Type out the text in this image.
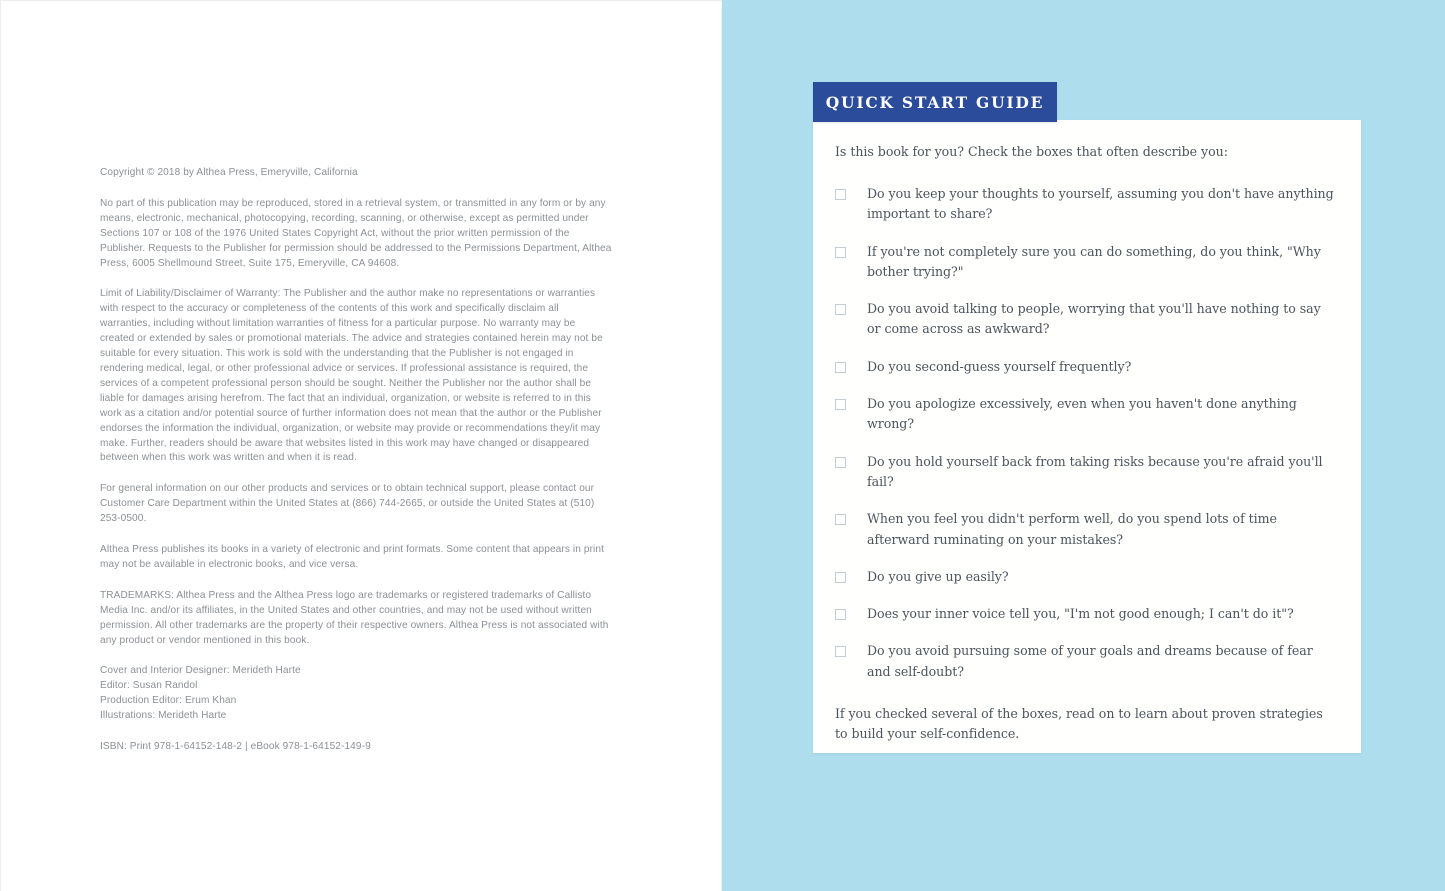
Copyright © 2018 by Althea Press, Emeryville, California

No part of this publication may be reproduced, stored in a retrieval system, or transmitted in any form or by any means, electronic, mechanical, photocopying, recording, scanning, or otherwise, except as permitted under Sections 107 or 108 of the 1976 United States Copyright Act, without the prior written permission of the Publisher. Requests to the Publisher for permission should be addressed to the Permissions Department, Althea Press, 6005 Shellmound Street, Suite 175, Emeryville, CA 94608.

Limit of Liability/Disclaimer of Warranty: The Publisher and the author make no representations or warranties with respect to the accuracy or completeness of the contents of this work and specifically disclaim all warranties, including without limitation warranties of fitness for a particular purpose. No warranty may be created or extended by sales or promotional materials. The advice and strategies contained herein may not be suitable for every situation. This work is sold with the understanding that the Publisher is not engaged in rendering medical, legal, or other professional advice or services. If professional assistance is required, the services of a competent professional person should be sought. Neither the Publisher nor the author shall be liable for damages arising herefrom. The fact that an individual, organization, or website is referred to in this work as a citation and/or potential source of further information does not mean that the author or the Publisher endorses the information the individual, organization, or website may provide or recommendations they/it may make. Further, readers should be aware that websites listed in this work may have changed or disappeared between when this work was written and when it is read.

For general information on our other products and services or to obtain technical support, please contact our Customer Care Department within the United States at (866) 744-2665, or outside the United States at (510) 253-0500.

Althea Press publishes its books in a variety of electronic and print formats. Some content that appears in print may not be available in electronic books, and vice versa.

TRADEMARKS: Althea Press and the Althea Press logo are trademarks or registered trademarks of Callisto Media Inc. and/or its affiliates, in the United States and other countries, and may not be used without written permission. All other trademarks are the property of their respective owners. Althea Press is not associated with any product or vendor mentioned in this book.

Cover and Interior Designer: Merideth Harte
Editor: Susan Randol
Production Editor: Erum Khan
Illustrations: Merideth Harte

ISBN: Print 978-1-64152-148-2 | eBook 978-1-64152-149-9

QUICK START GUIDE

Is this book for you? Check the boxes that often describe you:

Do you keep your thoughts to yourself, assuming you don't have anything important to share?
If you're not completely sure you can do something, do you think, "Why bother trying?"
Do you avoid talking to people, worrying that you'll have nothing to say or come across as awkward?
Do you second-guess yourself frequently?
Do you apologize excessively, even when you haven't done anything wrong?
Do you hold yourself back from taking risks because you're afraid you'll fail?
When you feel you didn't perform well, do you spend lots of time afterward ruminating on your mistakes?
Do you give up easily?
Does your inner voice tell you, "I'm not good enough; I can't do it"?
Do you avoid pursuing some of your goals and dreams because of fear and self-doubt?

If you checked several of the boxes, read on to learn about proven strategies to build your self-confidence.
